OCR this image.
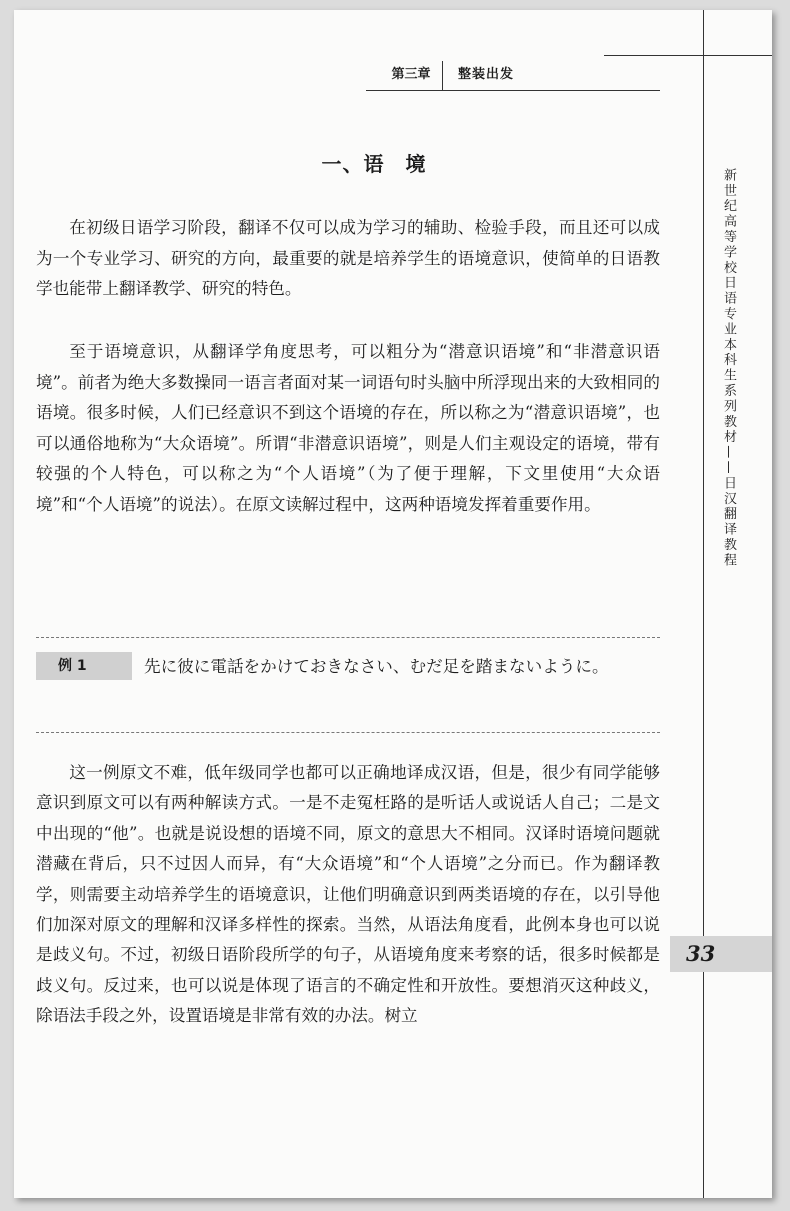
第三章	整装出发
新世纪高等学校日语专业本科生系列教材——日汉翻译教程
33
一、语　境

在初级日语学习阶段，翻译不仅可以成为学习的辅助、检验手段，而且还可以成为一个专业学习、研究的方向，最重要的就是培养学生的语境意识，使简单的日语教学也能带上翻译教学、研究的特色。

至于语境意识，从翻译学角度思考，可以粗分为“潜意识语境”和“非潜意识语境”。前者为绝大多数操同一语言者面对某一词语句时头脑中所浮现出来的大致相同的语境。很多时候，人们已经意识不到这个语境的存在，所以称之为“潜意识语境”，也可以通俗地称为“大众语境”。所谓“非潜意识语境”，则是人们主观设定的语境，带有较强的个人特色，可以称之为“个人语境”（为了便于理解，下文里使用“大众语境”和“个人语境”的说法）。在原文读解过程中，这两种语境发挥着重要作用。

例 1	先に彼に電話をかけておきなさい、むだ足を踏まないように。

这一例原文不难，低年级同学也都可以正确地译成汉语，但是，很少有同学能够意识到原文可以有两种解读方式。一是不走冤枉路的是听话人或说话人自己；二是文中出现的“他”。也就是说设想的语境不同，原文的意思大不相同。汉译时语境问题就潜藏在背后，只不过因人而异，有“大众语境”和“个人语境”之分而已。作为翻译教学，则需要主动培养学生的语境意识，让他们明确意识到两类语境的存在，以引导他们加深对原文的理解和汉译多样性的探索。当然，从语法角度看，此例本身也可以说是歧义句。不过，初级日语阶段所学的句子，从语境角度来考察的话，很多时候都是歧义句。反过来，也可以说是体现了语言的不确定性和开放性。要想消灭这种歧义，除语法手段之外，设置语境是非常有效的办法。树立
